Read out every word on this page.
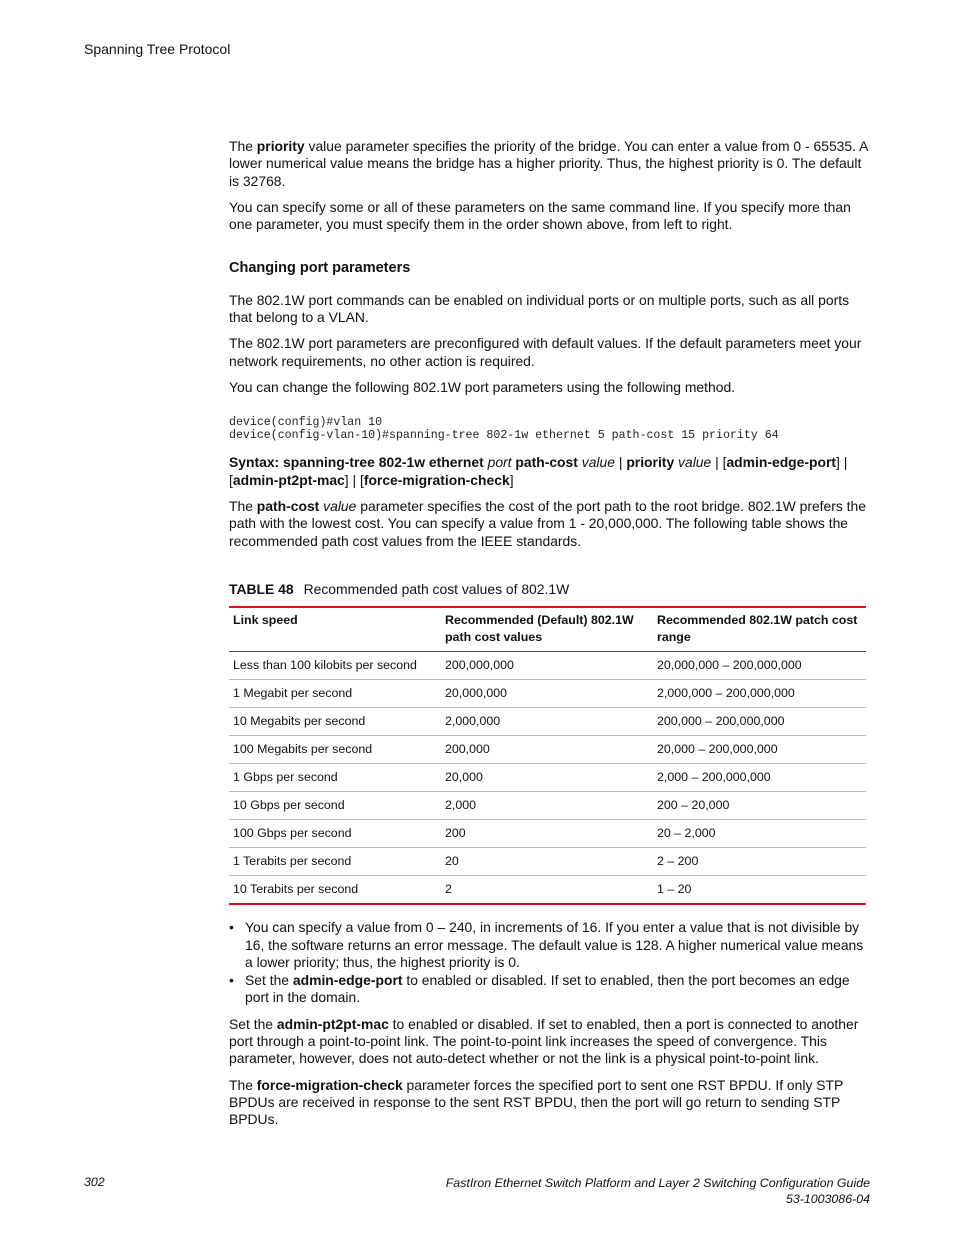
Spanning Tree Protocol

The priority value parameter specifies the priority of the bridge. You can enter a value from 0 - 65535. A lower numerical value means the bridge has a higher priority. Thus, the highest priority is 0. The default is 32768.

You can specify some or all of these parameters on the same command line. If you specify more than one parameter, you must specify them in the order shown above, from left to right.

Changing port parameters

The 802.1W port commands can be enabled on individual ports or on multiple ports, such as all ports that belong to a VLAN.

The 802.1W port parameters are preconfigured with default values. If the default parameters meet your network requirements, no other action is required.

You can change the following 802.1W port parameters using the following method.

device(config)#vlan 10
device(config-vlan-10)#spanning-tree 802-1w ethernet 5 path-cost 15 priority 64

Syntax: spanning-tree 802-1w ethernet port path-cost value | priority value | [admin-edge-port] | [admin-pt2pt-mac] | [force-migration-check]

The path-cost value parameter specifies the cost of the port path to the root bridge. 802.1W prefers the path with the lowest cost. You can specify a value from 1 - 20,000,000. The following table shows the recommended path cost values from the IEEE standards.

TABLE 48 Recommended path cost values of 802.1W
Link speed	Recommended (Default) 802.1W path cost values	Recommended 802.1W patch cost range
Less than 100 kilobits per second	200,000,000	20,000,000 – 200,000,000
1 Megabit per second	20,000,000	2,000,000 – 200,000,000
10 Megabits per second	2,000,000	200,000 – 200,000,000
100 Megabits per second	200,000	20,000 – 200,000,000
1 Gbps per second	20,000	2,000 – 200,000,000
10 Gbps per second	2,000	200 – 20,000
100 Gbps per second	200	20 – 2,000
1 Terabits per second	20	2 – 200
10 Terabits per second	2	1 – 20
• You can specify a value from 0 – 240, in increments of 16. If you enter a value that is not divisible by 16, the software returns an error message. The default value is 128. A higher numerical value means a lower priority; thus, the highest priority is 0.
• Set the admin-edge-port to enabled or disabled. If set to enabled, then the port becomes an edge port in the domain.

Set the admin-pt2pt-mac to enabled or disabled. If set to enabled, then a port is connected to another port through a point-to-point link. The point-to-point link increases the speed of convergence. This parameter, however, does not auto-detect whether or not the link is a physical point-to-point link.

The force-migration-check parameter forces the specified port to sent one RST BPDU. If only STP BPDUs are received in response to the sent RST BPDU, then the port will go return to sending STP BPDUs.

302	FastIron Ethernet Switch Platform and Layer 2 Switching Configuration Guide
53-1003086-04
